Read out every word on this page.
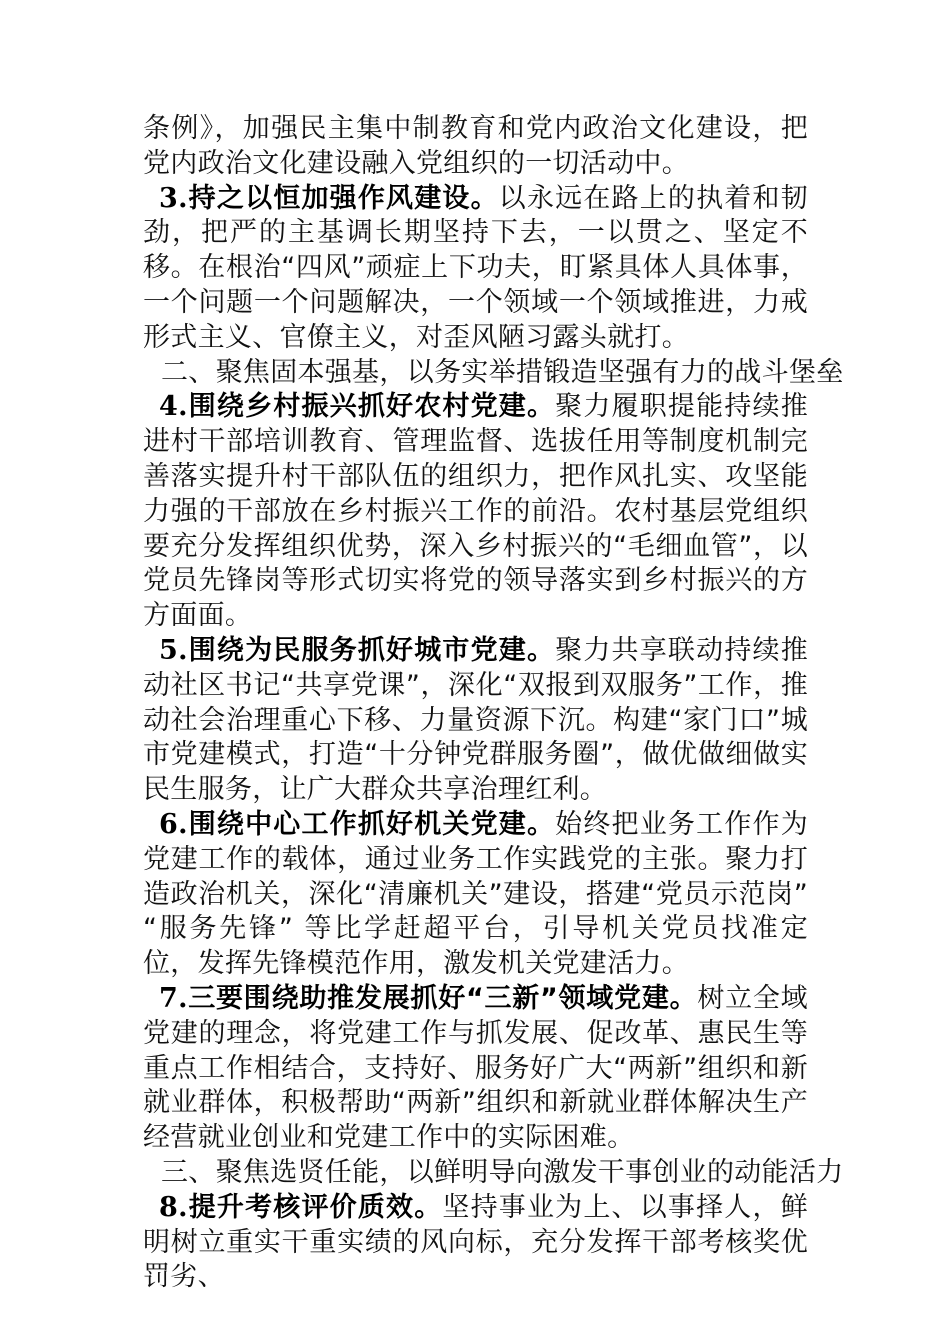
条例》，加强民主集中制教育和党内政治文化建设，把党内政治文化建设融入党组织的一切活动中。

3.持之以恒加强作风建设。以永远在路上的执着和韧劲，把严的主基调长期坚持下去，一以贯之、坚定不移。在根治“四风”顽症上下功夫，盯紧具体人具体事，一个问题一个问题解决，一个领域一个领域推进，力戒形式主义、官僚主义，对歪风陋习露头就打。

二、聚焦固本强基，以务实举措锻造坚强有力的战斗堡垒

4.围绕乡村振兴抓好农村党建。聚力履职提能持续推进村干部培训教育、管理监督、选拔任用等制度机制完善落实提升村干部队伍的组织力，把作风扎实、攻坚能力强的干部放在乡村振兴工作的前沿。农村基层党组织要充分发挥组织优势，深入乡村振兴的“毛细血管”，以党员先锋岗等形式切实将党的领导落实到乡村振兴的方方面面。

5.围绕为民服务抓好城市党建。聚力共享联动持续推动社区书记“共享党课”，深化“双报到双服务”工作，推动社会治理重心下移、力量资源下沉。构建“家门口”城市党建模式，打造“十分钟党群服务圈”，做优做细做实民生服务，让广大群众共享治理红利。

6.围绕中心工作抓好机关党建。始终把业务工作作为党建工作的载体，通过业务工作实践党的主张。聚力打造政治机关，深化“清廉机关”建设，搭建“党员示范岗” “服务先锋” 等比学赶超平台，引导机关党员找准定位，发挥先锋模范作用，激发机关党建活力。

7.三要围绕助推发展抓好“三新”领域党建。树立全域党建的理念，将党建工作与抓发展、促改革、惠民生等重点工作相结合，支持好、服务好广大“两新”组织和新就业群体，积极帮助“两新”组织和新就业群体解决生产经营就业创业和党建工作中的实际困难。

三、聚焦选贤任能，以鲜明导向激发干事创业的动能活力

8.提升考核评价质效。坚持事业为上、以事择人，鲜明树立重实干重实绩的风向标，充分发挥干部考核奖优罚劣、
